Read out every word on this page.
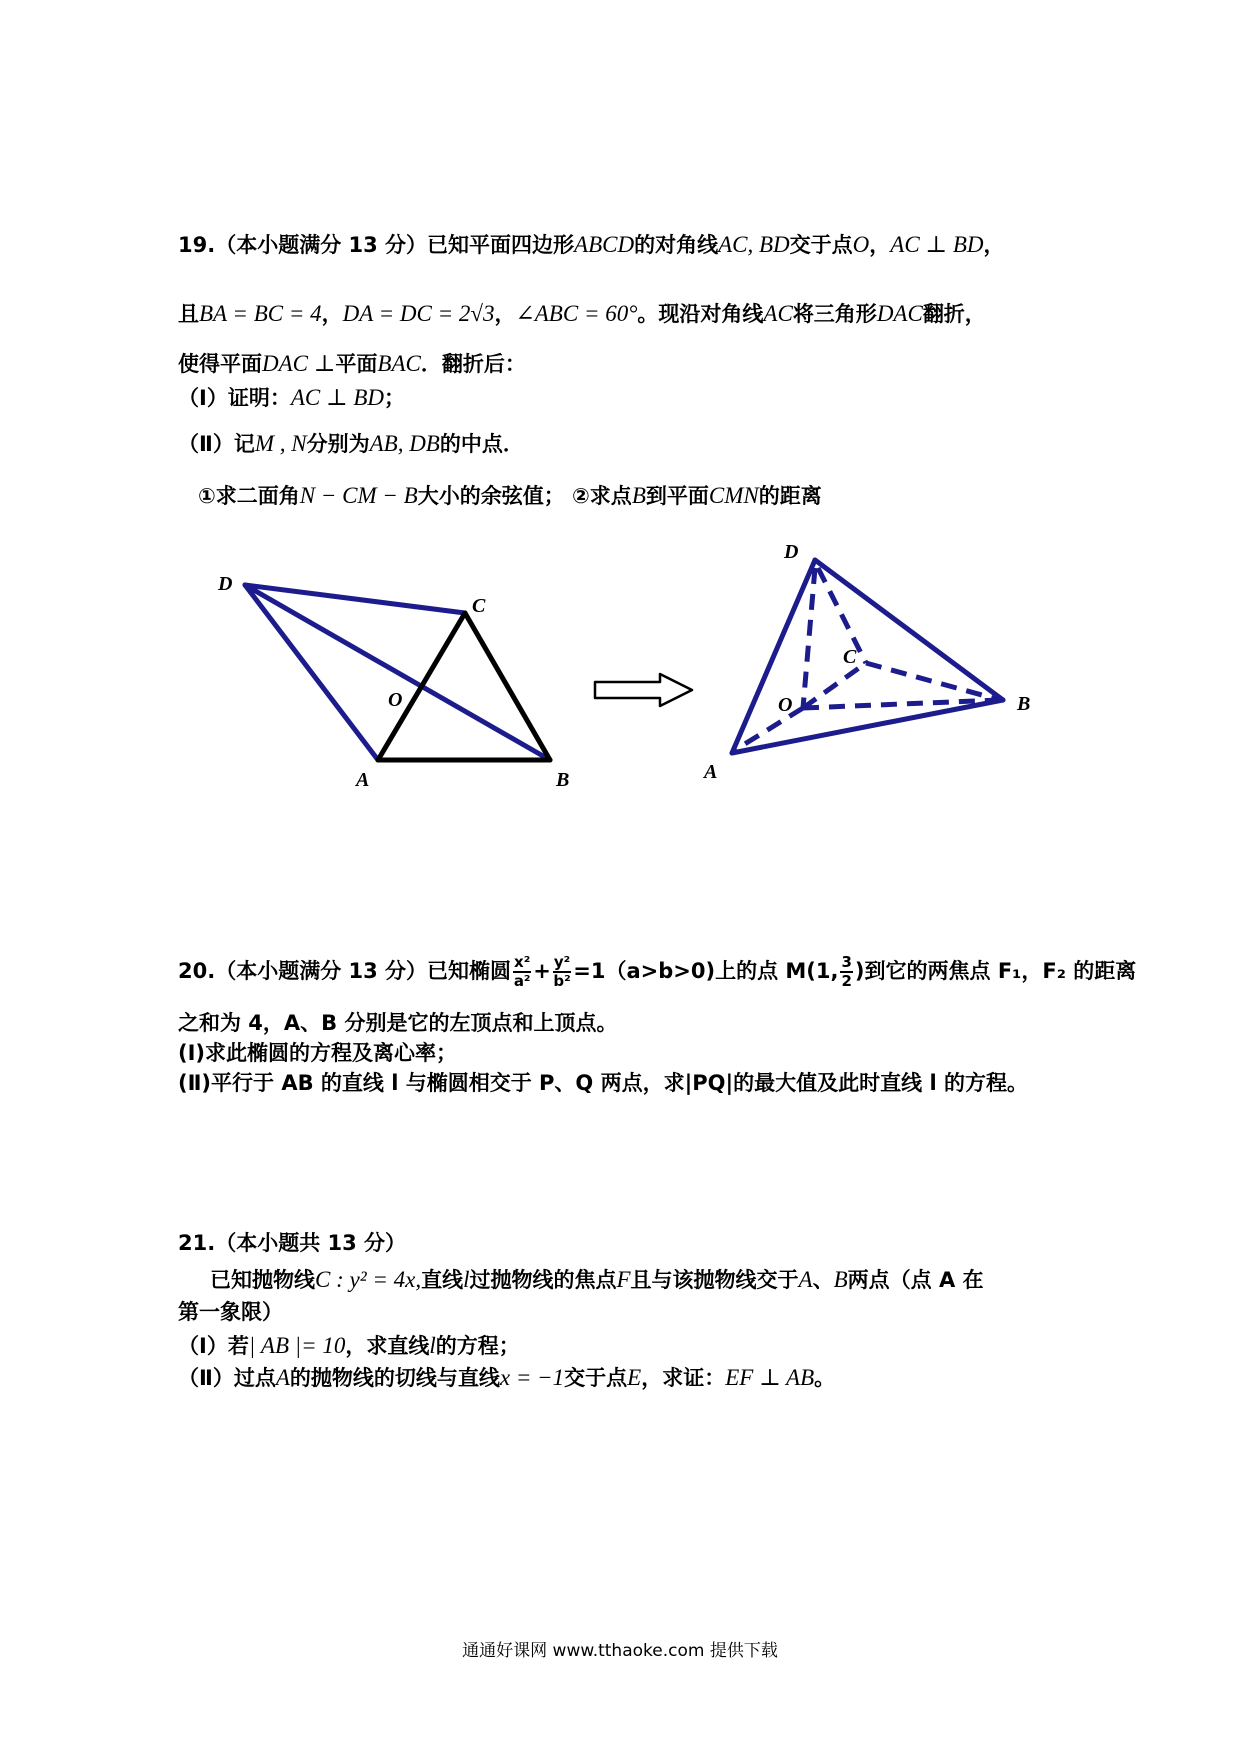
19.（本小题满分 13 分）已知平面四边形ABCD的对角线AC, BD交于点O，AC ⊥ BD，
且BA = BC = 4，DA = DC = 2√3，∠ABC = 60°。现沿对角线AC将三角形DAC翻折，
使得平面DAC ⊥平面BAC．翻折后：
（Ⅰ）证明：AC ⊥ BD；
（Ⅱ）记M , N分别为AB, DB的中点．
①求二面角N − CM − B大小的余弦值； ②求点B到平面CMN的距离
D
C
O
A	B
D
C
O
A
B
20.（本小题满分 13 分）已知椭圆 $\frac{\text{x²}}{\text{a²}} + \frac{\text{y²}}{\text{b²}} =1(a>b>0)$上的点 M(1, $\frac{3}{2}$ )到它的两焦点 F₁，F₂ 的距离
之和为 4，A、B 分别是它的左顶点和上顶点。
(Ⅰ)求此椭圆的方程及离心率；
(Ⅱ)平行于 AB 的直线 l 与椭圆相交于 P、Q 两点，求|PQ|的最大值及此时直线 l 的方程。
21.（本小题共 13 分）
已知抛物线C : y² = 4x,直线l过抛物线的焦点F且与该抛物线交于A、B两点（点 A 在
第一象限）
（Ⅰ）若| AB |= 10，求直线l的方程；
（Ⅱ）过点A的抛物线的切线与直线x = −1交于点E，求证：EF ⊥ AB。
通通好课网 www.tthaoke.com 提供下载
